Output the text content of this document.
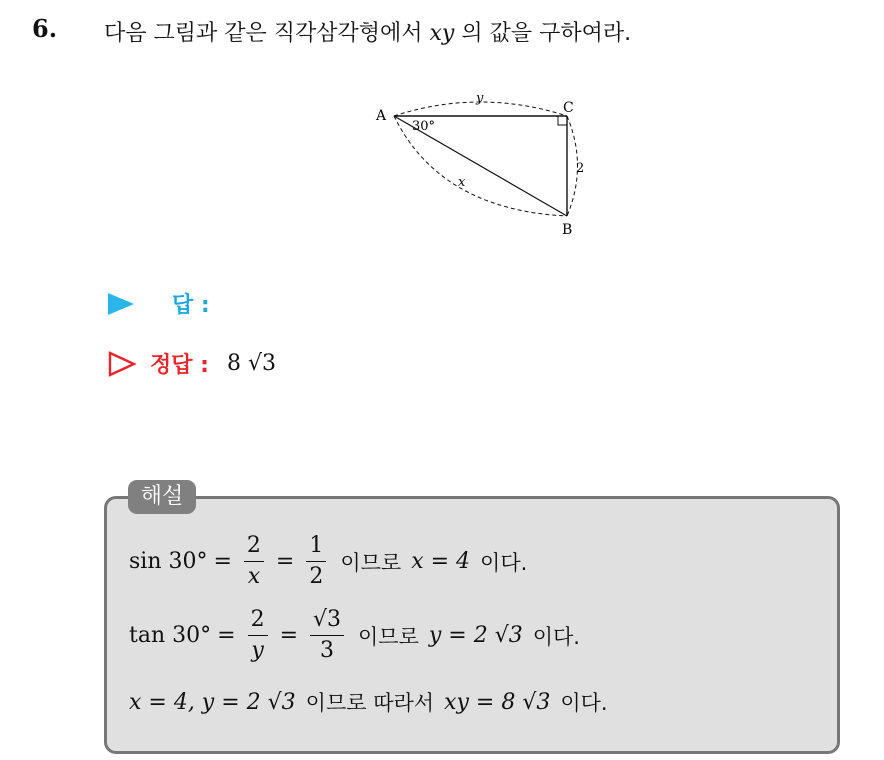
6. 다음 그림과 같은 직각삼각형에서 xy 의 값을 구하여라.
A	C
B
y
2
x
30°
답 :
정답 : 8 √3
$\sin 30^\circ = \frac{2}{x} = \frac{1}{2}$ 이므로 x = 4 이다.
$\tan 30^\circ = \frac{2}{y} = \frac{√3}{3}$ 이므로 y = 2 √3 이다.
x = 4, y = 2 √3 이므로 따라서 xy = 8 √3 이다.
해설
